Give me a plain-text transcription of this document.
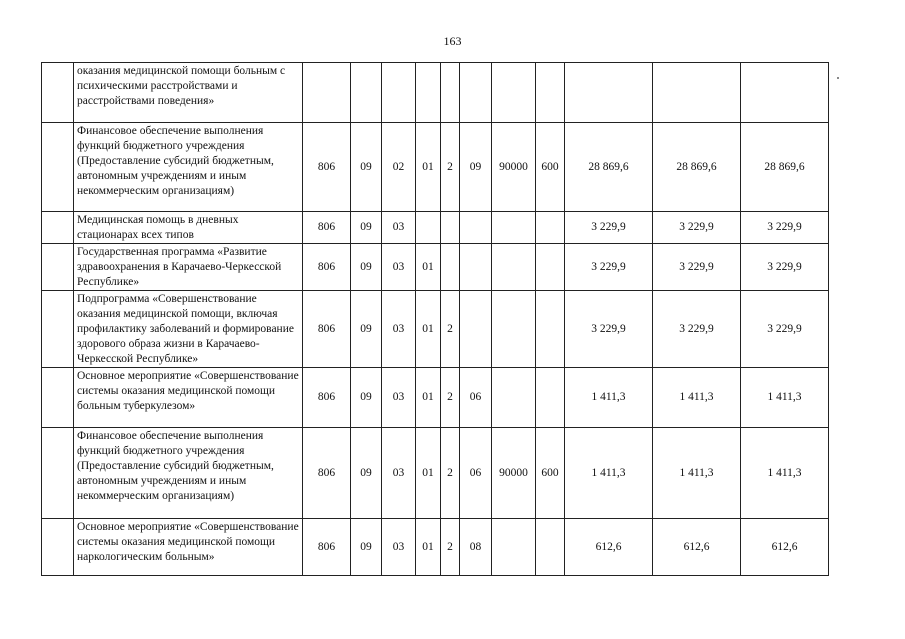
163
	оказания медицинской помощи больным с психическими расстройствами и расстройствами поведения»											
	Финансовое обеспечение выполнения функций бюджетного учреждения (Предоставление субсидий бюджетным, автономным учреждениям и иным некоммерческим организациям)	806	09	02	01	2	09	90000	600	28 869,6	28 869,6	28 869,6
	Медицинская помощь в дневных стационарах всех типов	806	09	03						3 229,9	3 229,9	3 229,9
	Государственная программа «Развитие здравоохранения в Карачаево-Черкесской Республике»	806	09	03	01					3 229,9	3 229,9	3 229,9
	Подпрограмма «Совершенствование оказания медицинской помощи, включая профилактику заболеваний и формирование здорового образа жизни в Карачаево-Черкесской Республике»	806	09	03	01	2				3 229,9	3 229,9	3 229,9
	Основное мероприятие «Совершенствование системы оказания медицинской помощи больным туберкулезом»	806	09	03	01	2	06			1 411,3	1 411,3	1 411,3
	Финансовое обеспечение выполнения функций бюджетного учреждения (Предоставление субсидий бюджетным, автономным учреждениям и иным некоммерческим организациям)	806	09	03	01	2	06	90000	600	1 411,3	1 411,3	1 411,3
	Основное мероприятие «Совершенствование системы оказания медицинской помощи наркологическим больным»	806	09	03	01	2	08			612,6	612,6	612,6
